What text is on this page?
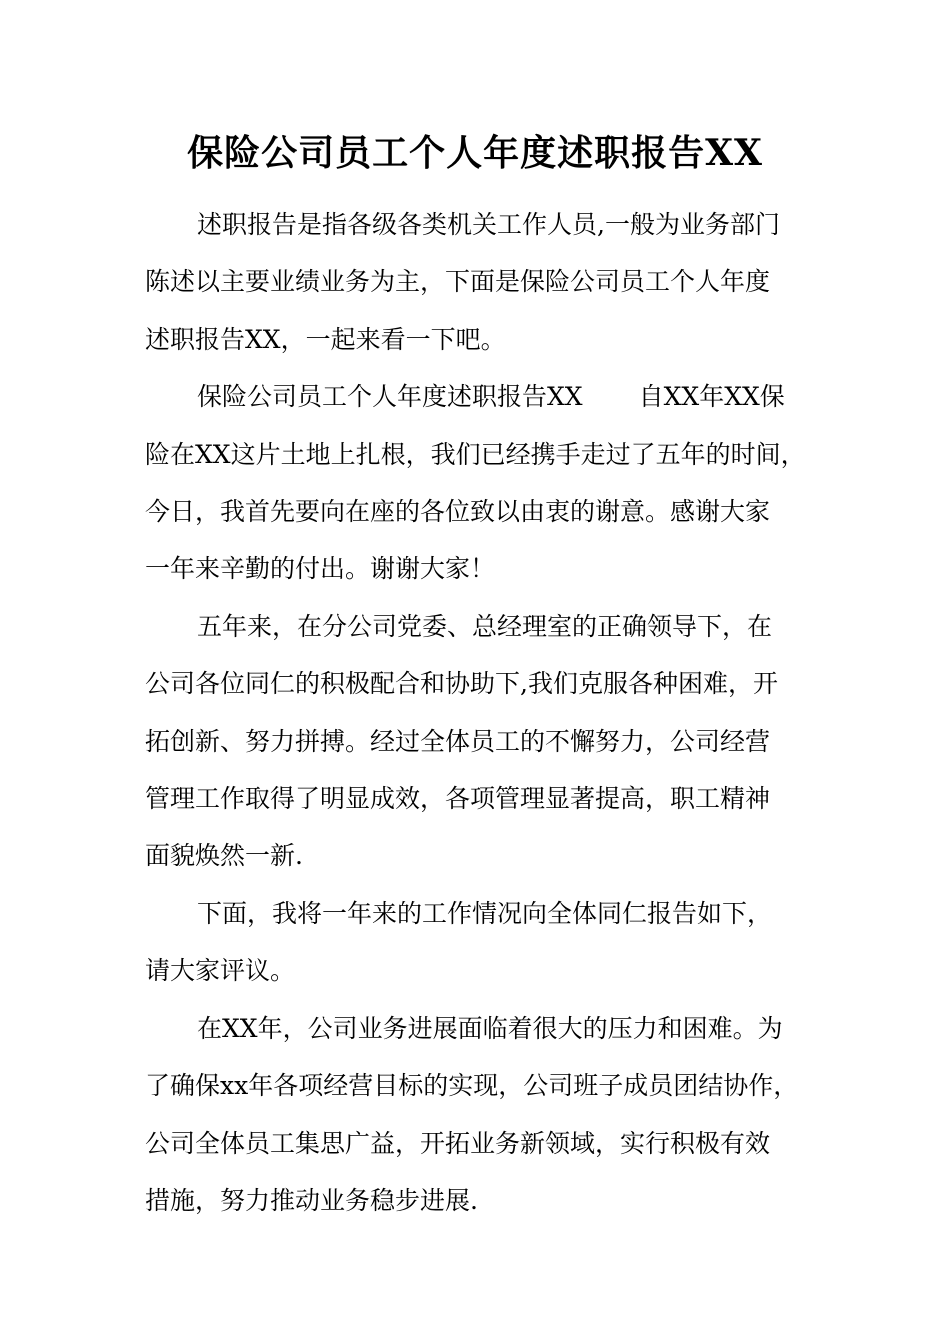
保险公司员工个人年度述职报告XX
述职报告是指各级各类机关工作人员,一般为业务部门
陈述以主要业绩业务为主，下面是保险公司员工个人年度
述职报告XX，一起来看一下吧。
保险公司员工个人年度述职报告XX 自XX年XX保
险在XX这片土地上扎根，我们已经携手走过了五年的时间，
今日，我首先要向在座的各位致以由衷的谢意。感谢大家
一年来辛勤的付出。谢谢大家！
五年来，在分公司党委、总经理室的正确领导下，在
公司各位同仁的积极配合和协助下,我们克服各种困难，开
拓创新、努力拼搏。经过全体员工的不懈努力，公司经营
管理工作取得了明显成效，各项管理显著提高，职工精神
面貌焕然一新.
下面，我将一年来的工作情况向全体同仁报告如下，
请大家评议。
在XX年，公司业务进展面临着很大的压力和困难。为
了确保xx年各项经营目标的实现，公司班子成员团结协作，
公司全体员工集思广益，开拓业务新领域，实行积极有效
措施，努力推动业务稳步进展.
